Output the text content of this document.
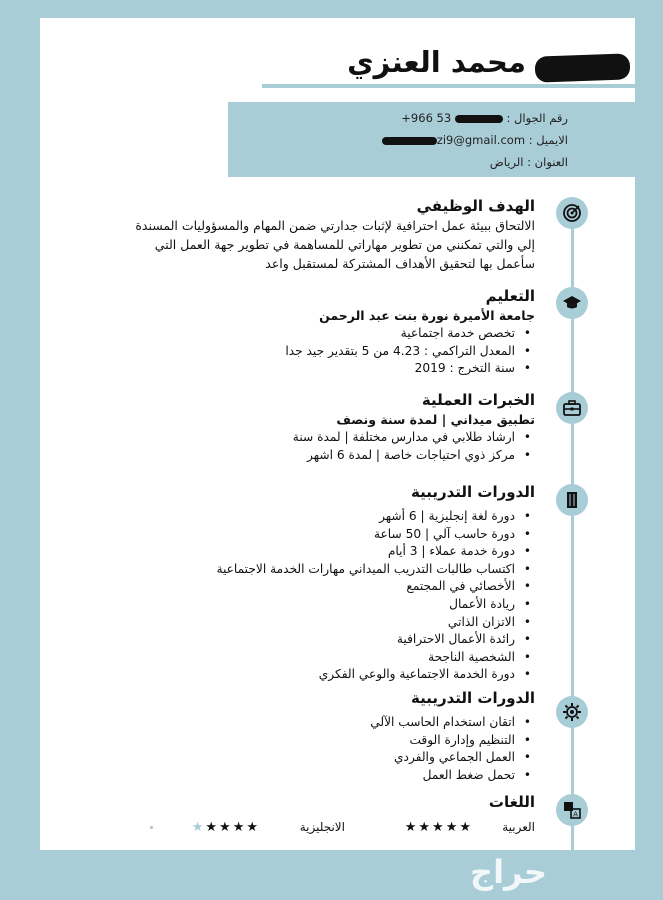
محمد العنزي
رقم الجوال : +966 53
الايميل : zi9@gmail.com
العنوان : الرياض
A

الهدف الوظيفي

الالتحاق ببيئة عمل احترافية لإثبات جدارتي ضمن المهام والمسؤوليات المسندة إلي والتي تمكنني من تطوير مهاراتي للمساهمة في تطوير جهة العمل التي سأعمل بها لتحقيق الأهداف المشتركة لمستقبل واعد

التعليم

جامعة الأميرة نورة بنت عبد الرحمن

• تخصص خدمة اجتماعية
• المعدل التراكمي : 4.23 من 5 بتقدير جيد جدا
• سنة التخرج : 2019

الخبرات العملية

تطبيق ميداني | لمدة سنة ونصف

• ارشاد طلابي في مدارس مختلفة | لمدة سنة
• مركز ذوي احتياجات خاصة | لمدة 6 اشهر

الدورات التدريبية

• دورة لغة إنجليزية | 6 أشهر
• دورة حاسب آلي | 50 ساعة
• دورة خدمة عملاء | 3 أيام
• اكتساب طالبات التدريب الميداني مهارات الخدمة الاجتماعية
• الأخصائي في المجتمع
• ريادة الأعمال
• الاتزان الذاتي
• رائدة الأعمال الاحترافية
• الشخصية الناجحة
• دورة الخدمة الاجتماعية والوعي الفكري

الدورات التدريبية

• اتقان استخدام الحاسب الآلي
• التنظيم وإدارة الوقت
• العمل الجماعي والفردي
• تحمل ضغط العمل

اللغات

العربية
★★★★★
الانجليزية
★★★★★
حراج
